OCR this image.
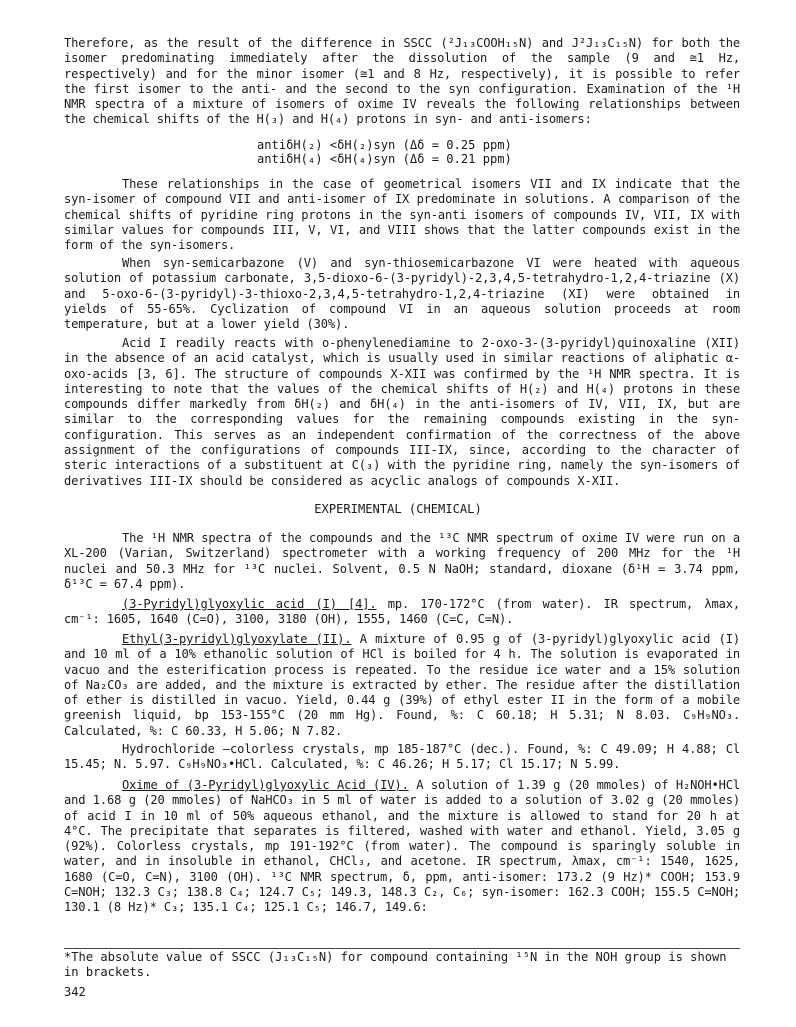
Therefore, as the result of the difference in SSCC (²J₁₃COOH₁₅N) and J²J₁₃C₁₅N) for both the isomer predominating immediately after the dissolution of the sample (9 and ≅1 Hz, respectively) and for the minor isomer (≅1 and 8 Hz, respectively), it is possible to refer the first isomer to the anti- and the second to the syn configuration. Examination of the ¹H NMR spectra of a mixture of isomers of oxime IV reveals the following relationships between the chemical shifts of the H(₃) and H(₄) protons in syn- and anti-isomers:

antiδH(₂) <δH(₂)syn (Δδ = 0.25 ppm)
antiδH(₄) <δH(₄)syn (Δδ = 0.21 ppm)

These relationships in the case of geometrical isomers VII and IX indicate that the syn-isomer of compound VII and anti-isomer of IX predominate in solutions. A comparison of the chemical shifts of pyridine ring protons in the syn-anti isomers of compounds IV, VII, IX with similar values for compounds III, V, VI, and VIII shows that the latter compounds exist in the form of the syn-isomers.

When syn-semicarbazone (V) and syn-thiosemicarbazone VI were heated with aqueous solution of potassium carbonate, 3,5-dioxo-6-(3-pyridyl)-2,3,4,5-tetrahydro-1,2,4-triazine (X) and 5-oxo-6-(3-pyridyl)-3-thioxo-2,3,4,5-tetrahydro-1,2,4-triazine (XI) were obtained in yields of 55-65%. Cyclization of compound VI in an aqueous solution proceeds at room temperature, but at a lower yield (30%).

Acid I readily reacts with o-phenylenediamine to 2-oxo-3-(3-pyridyl)quinoxaline (XII) in the absence of an acid catalyst, which is usually used in similar reactions of aliphatic α-oxo-acids [3, 6]. The structure of compounds X-XII was confirmed by the ¹H NMR spectra. It is interesting to note that the values of the chemical shifts of H(₂) and H(₄) protons in these compounds differ markedly from δH(₂) and δH(₄) in the anti-isomers of IV, VII, IX, but are similar to the corresponding values for the remaining compounds existing in the syn-configuration. This serves as an independent confirmation of the correctness of the above assignment of the configurations of compounds III-IX, since, according to the character of steric interactions of a substituent at C(₃) with the pyridine ring, namely the syn-isomers of derivatives III-IX should be considered as acyclic analogs of compounds X-XII.

EXPERIMENTAL (CHEMICAL)

The ¹H NMR spectra of the compounds and the ¹³C NMR spectrum of oxime IV were run on a XL-200 (Varian, Switzerland) spectrometer with a working frequency of 200 MHz for the ¹H nuclei and 50.3 MHz for ¹³C nuclei. Solvent, 0.5 N NaOH; standard, dioxane (δ¹H = 3.74 ppm, δ¹³C = 67.4 ppm).

(3-Pyridyl)glyoxylic acid (I) [4]. mp. 170-172°C (from water). IR spectrum, λmax, cm⁻¹: 1605, 1640 (C=O), 3100, 3180 (OH), 1555, 1460 (C=C, C=N).

Ethyl(3-pyridyl)glyoxylate (II). A mixture of 0.95 g of (3-pyridyl)glyoxylic acid (I) and 10 ml of a 10% ethanolic solution of HCl is boiled for 4 h. The solution is evaporated in vacuo and the esterification process is repeated. To the residue ice water and a 15% solution of Na₂CO₃ are added, and the mixture is extracted by ether. The residue after the distillation of ether is distilled in vacuo. Yield, 0.44 g (39%) of ethyl ester II in the form of a mobile greenish liquid, bp 153-155°C (20 mm Hg). Found, %: C 60.18; H 5.31; N 8.03. C₉H₉NO₃. Calculated, %: C 60.33, H 5.06; N 7.82.

Hydrochloride —colorless crystals, mp 185-187°C (dec.). Found, %: C 49.09; H 4.88; Cl 15.45; N. 5.97. C₉H₉NO₃•HCl. Calculated, %: C 46.26; H 5.17; Cl 15.17; N 5.99.

Oxime of (3-Pyridyl)glyoxylic Acid (IV). A solution of 1.39 g (20 mmoles) of H₂NOH•HCl and 1.68 g (20 mmoles) of NaHCO₃ in 5 ml of water is added to a solution of 3.02 g (20 mmoles) of acid I in 10 ml of 50% aqueous ethanol, and the mixture is allowed to stand for 20 h at 4°C. The precipitate that separates is filtered, washed with water and ethanol. Yield, 3.05 g (92%). Colorless crystals, mp 191-192°C (from water). The compound is sparingly soluble in water, and in insoluble in ethanol, CHCl₃, and acetone. IR spectrum, λmax, cm⁻¹: 1540, 1625, 1680 (C=O, C=N), 3100 (OH). ¹³C NMR spectrum, δ, ppm, anti-isomer: 173.2 (9 Hz)* COOH; 153.9 C=NOH; 132.3 C₃; 138.8 C₄; 124.7 C₅; 149.3, 148.3 C₂, C₆; syn-isomer: 162.3 COOH; 155.5 C=NOH; 130.1 (8 Hz)* C₃; 135.1 C₄; 125.1 C₅; 146.7, 149.6:

*The absolute value of SSCC (J₁₃C₁₅N) for compound containing ¹⁵N in the NOH group is shown in brackets.
342
